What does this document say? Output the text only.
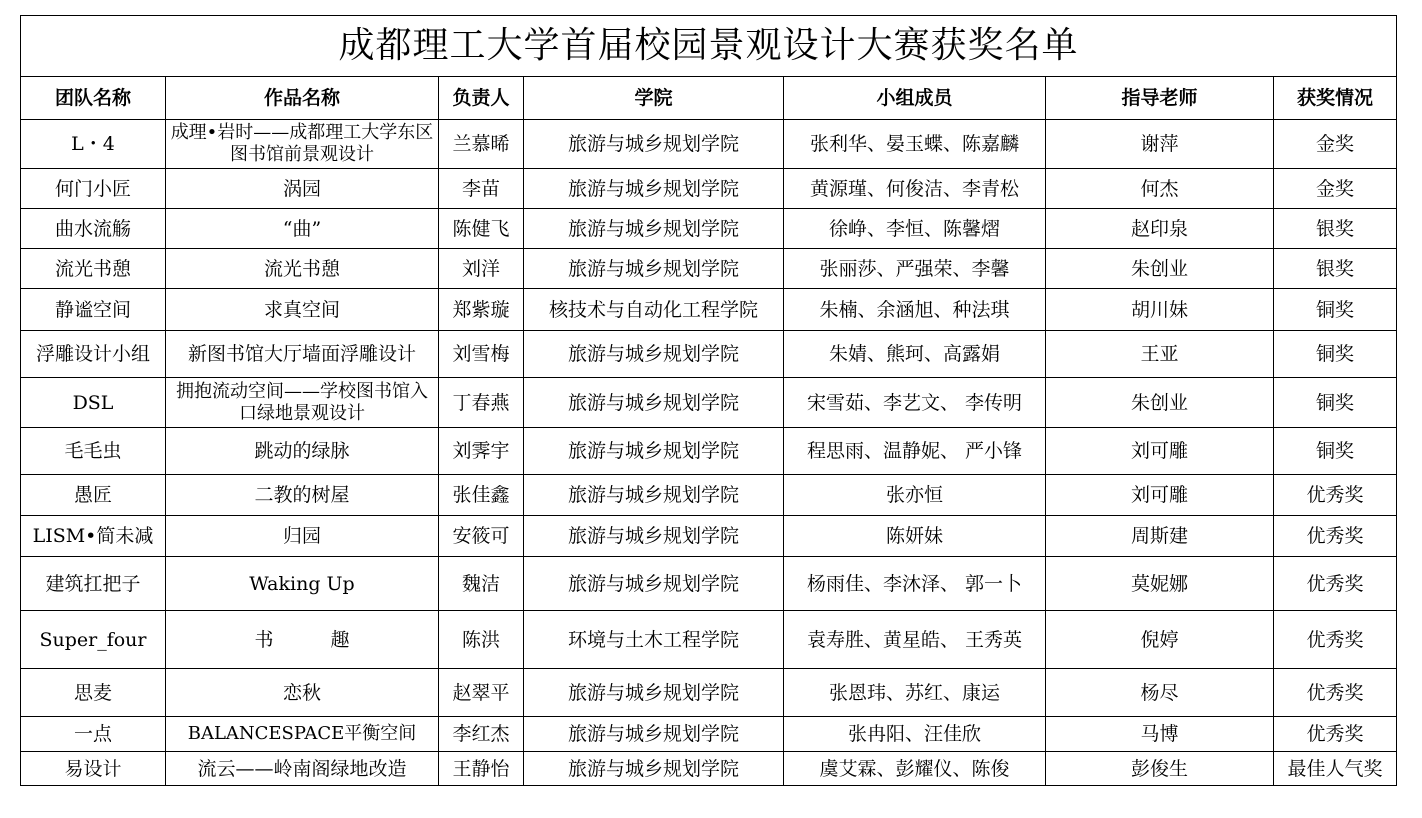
成都理工大学首届校园景观设计大赛获奖名单						
团队名称	作品名称	负责人	学院	小组成员	指导老师	获奖情况
L・4	成理•岩时——成都理工大学东区图书馆前景观设计	兰慕晞	旅游与城乡规划学院	张利华、晏玉蝶、陈嘉麟	谢萍	金奖
何门小匠	涡园	李苗	旅游与城乡规划学院	黄源瑾、何俊洁、李青松	何杰	金奖
曲水流觞	“曲”	陈健飞	旅游与城乡规划学院	徐峥、李恒、陈馨熠	赵印泉	银奖
流光书憩	流光书憩	刘洋	旅游与城乡规划学院	张丽莎、严强荣、李馨	朱创业	银奖
静谧空间	求真空间	郑紫璇	核技术与自动化工程学院	朱楠、余涵旭、种法琪	胡川妹	铜奖
浮雕设计小组	新图书馆大厅墙面浮雕设计	刘雪梅	旅游与城乡规划学院	朱婧、熊珂、高露娟	王亚	铜奖
DSL	拥抱流动空间——学校图书馆入口绿地景观设计	丁春燕	旅游与城乡规划学院	宋雪茹、李艺文、 李传明	朱创业	铜奖
毛毛虫	跳动的绿脉	刘霁宇	旅游与城乡规划学院	程思雨、温静妮、 严小锋	刘可雕	铜奖
愚匠	二教的树屋	张佳鑫	旅游与城乡规划学院	张亦恒	刘可雕	优秀奖
LISM•简未减	归园	安筱可	旅游与城乡规划学院	陈妍妹	周斯建	优秀奖
建筑扛把子	Waking Up	魏洁	旅游与城乡规划学院	杨雨佳、李沐泽、 郭一卜	莫妮娜	优秀奖
Super_four	书　　　趣	陈洪	环境与土木工程学院	袁寿胜、黄星皓、 王秀英	倪婷	优秀奖
思麦	恋秋	赵翠平	旅游与城乡规划学院	张恩玮、苏红、康运	杨尽	优秀奖
一点	BALANCESPACE平衡空间	李红杰	旅游与城乡规划学院	张冉阳、汪佳欣	马博	优秀奖
易设计	流云——岭南阁绿地改造	王静怡	旅游与城乡规划学院	虞艾霖、彭耀仪、陈俊	彭俊生	最佳人气奖
